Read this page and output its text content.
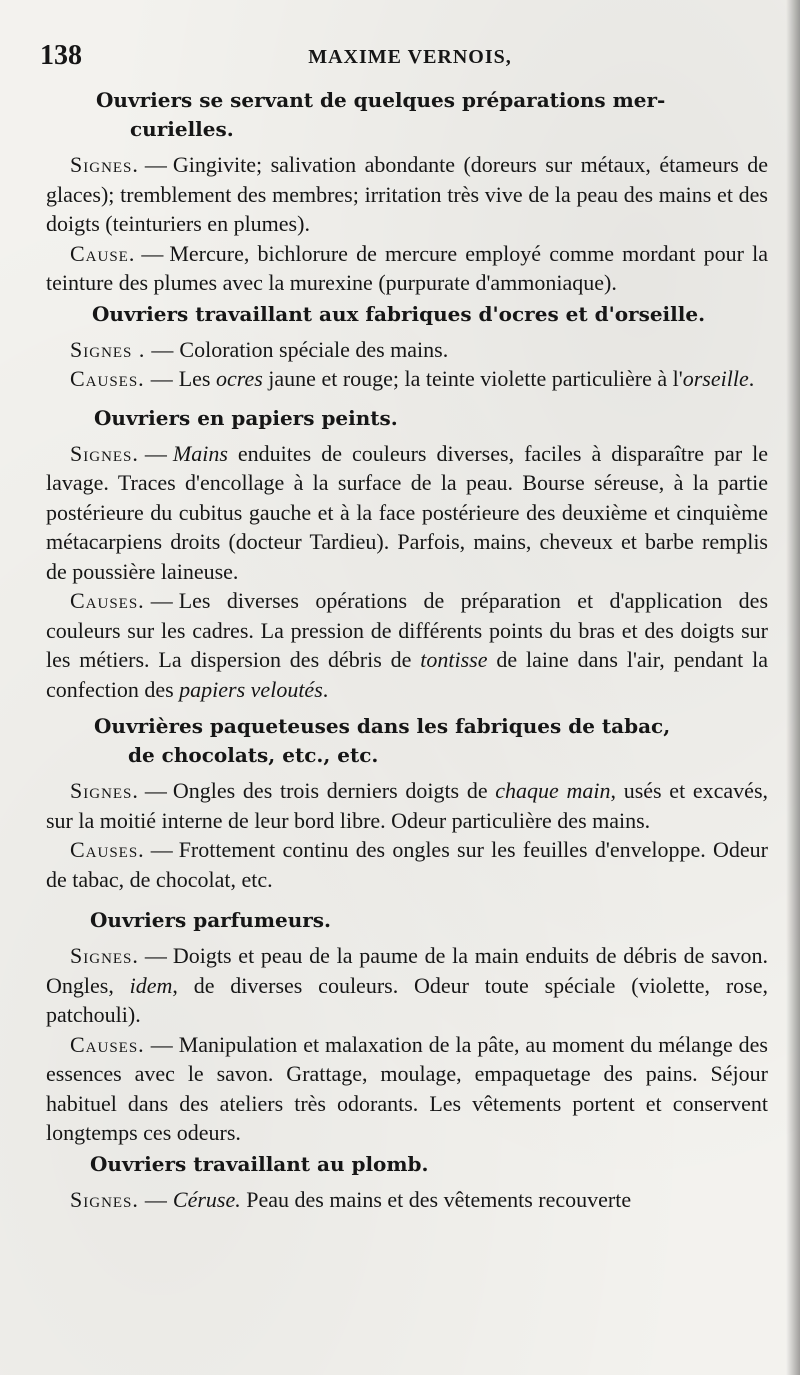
138	MAXIME VERNOIS,
Ouvriers se servant de quelques préparations mer-
curielles.

Signes. — Gingivite; salivation abondante (doreurs sur métaux, étameurs de glaces); tremblement des membres; irritation très vive de la peau des mains et des doigts (teinturiers en plumes).

Cause. — Mercure, bichlorure de mercure employé comme mordant pour la teinture des plumes avec la murexine (purpurate d'ammoniaque).

Ouvriers travaillant aux fabriques d'ocres et d'orseille.

Signes . — Coloration spéciale des mains.

Causes. — Les ocres jaune et rouge; la teinte violette particulière à l'orseille.

Ouvriers en papiers peints.

Signes. — Mains enduites de couleurs diverses, faciles à disparaître par le lavage. Traces d'encollage à la surface de la peau. Bourse séreuse, à la partie postérieure du cubitus gauche et à la face postérieure des deuxième et cinquième métacarpiens droits (docteur Tardieu). Parfois, mains, cheveux et barbe remplis de poussière laineuse.

Causes. — Les diverses opérations de préparation et d'application des couleurs sur les cadres. La pression de différents points du bras et des doigts sur les métiers. La dispersion des débris de tontisse de laine dans l'air, pendant la confection des papiers veloutés.

Ouvrières paqueteuses dans les fabriques de tabac,
de chocolats, etc., etc.

Signes. — Ongles des trois derniers doigts de chaque main, usés et excavés, sur la moitié interne de leur bord libre. Odeur particulière des mains.

Causes. — Frottement continu des ongles sur les feuilles d'enveloppe. Odeur de tabac, de chocolat, etc.

Ouvriers parfumeurs.

Signes. — Doigts et peau de la paume de la main enduits de débris de savon. Ongles, idem, de diverses couleurs. Odeur toute spéciale (violette, rose, patchouli).

Causes. — Manipulation et malaxation de la pâte, au moment du mélange des essences avec le savon. Grattage, moulage, empaquetage des pains. Séjour habituel dans des ateliers très odorants. Les vêtements portent et conservent longtemps ces odeurs.

Ouvriers travaillant au plomb.

Signes. — Céruse. Peau des mains et des vêtements recouverte
